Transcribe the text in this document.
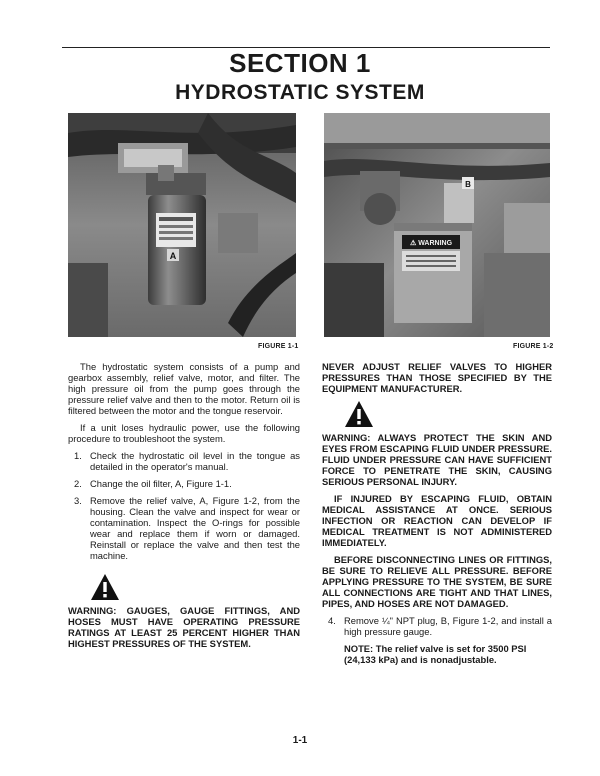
SECTION 1
HYDROSTATIC SYSTEM
A
⚠ WARNING
B
FIGURE 1-1	FIGURE 1-2

The hydrostatic system consists of a pump and gearbox assembly, relief valve, motor, and filter. The high pressure oil from the pump goes through the pressure relief valve and then to the motor. Return oil is filtered between the motor and the tongue reservoir.

If a unit loses hydraulic power, use the following procedure to troubleshoot the system.

1. Check the hydrostatic oil level in the tongue as detailed in the operator's manual.
2. Change the oil filter, A, Figure 1-1.
3. Remove the relief valve, A, Figure 1-2, from the housing. Clean the valve and inspect for wear or contamination. Inspect the O-rings for possible wear and replace them if worn or damaged. Reinstall or replace the valve and then test the machine.

WARNING: GAUGES, GAUGE FITTINGS, AND HOSES MUST HAVE OPERATING PRESSURE RATINGS AT LEAST 25 PERCENT HIGHER THAN HIGHEST PRESSURES OF THE SYSTEM.

NEVER ADJUST RELIEF VALVES TO HIGHER PRESSURES THAN THOSE SPECIFIED BY THE EQUIPMENT MANUFACTURER.

WARNING: ALWAYS PROTECT THE SKIN AND EYES FROM ESCAPING FLUID UNDER PRESSURE. FLUID UNDER PRESSURE CAN HAVE SUFFICIENT FORCE TO PENETRATE THE SKIN, CAUSING SERIOUS PERSONAL INJURY.

IF INJURED BY ESCAPING FLUID, OBTAIN MEDICAL ASSISTANCE AT ONCE. SERIOUS INFECTION OR REACTION CAN DEVELOP IF MEDICAL TREATMENT IS NOT ADMINISTERED IMMEDIATELY.

BEFORE DISCONNECTING LINES OR FITTINGS, BE SURE TO RELIEVE ALL PRESSURE. BEFORE APPLYING PRESSURE TO THE SYSTEM, BE SURE ALL CONNECTIONS ARE TIGHT AND THAT LINES, PIPES, AND HOSES ARE NOT DAMAGED.

4. Remove ¼" NPT plug, B, Figure 1-2, and install a high pressure gauge.

NOTE: The relief valve is set for 3500 PSI (24,133 kPa) and is nonadjustable.

1-1
